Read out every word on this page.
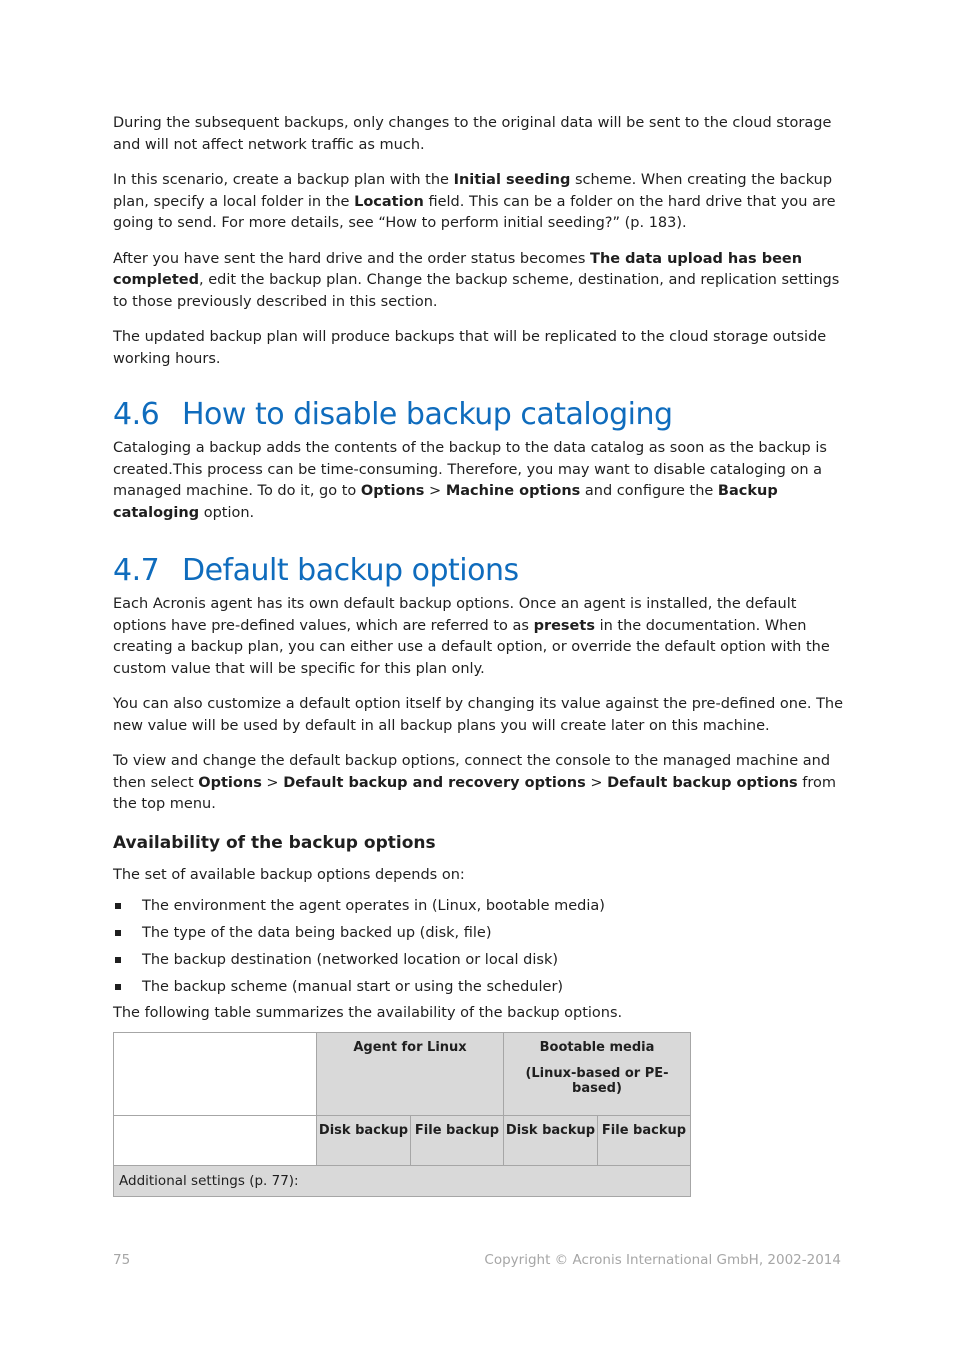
During the subsequent backups, only changes to the original data will be sent to the cloud storage and will not affect network traffic as much.

In this scenario, create a backup plan with the Initial seeding scheme. When creating the backup plan, specify a local folder in the Location field. This can be a folder on the hard drive that you are going to send. For more details, see “How to perform initial seeding?” (p. 183).

After you have sent the hard drive and the order status becomes The data upload has been completed, edit the backup plan. Change the backup scheme, destination, and replication settings to those previously described in this section.

The updated backup plan will produce backups that will be replicated to the cloud storage outside working hours.

4.6 How to disable backup cataloging

Cataloging a backup adds the contents of the backup to the data catalog as soon as the backup is created.This process can be time-consuming. Therefore, you may want to disable cataloging on a managed machine. To do it, go to Options > Machine options and configure the Backup cataloging option.

4.7 Default backup options

Each Acronis agent has its own default backup options. Once an agent is installed, the default options have pre-defined values, which are referred to as presets in the documentation. When creating a backup plan, you can either use a default option, or override the default option with the custom value that will be specific for this plan only.

You can also customize a default option itself by changing its value against the pre-defined one. The new value will be used by default in all backup plans you will create later on this machine.

To view and change the default backup options, connect the console to the managed machine and then select Options > Default backup and recovery options > Default backup options from the top menu.

Availability of the backup options

The set of available backup options depends on:

The environment the agent operates in (Linux, bootable media)
The type of the data being backed up (disk, file)
The backup destination (networked location or local disk)
The backup scheme (manual start or using the scheduler)

The following table summarizes the availability of the backup options.

	Agent for Linux		Bootable media
(Linux-based or PE-based)	

	Disk backup	File backup	Disk backup	File backup

Additional settings (p. 77):				
75	Copyright © Acronis International GmbH, 2002-2014
